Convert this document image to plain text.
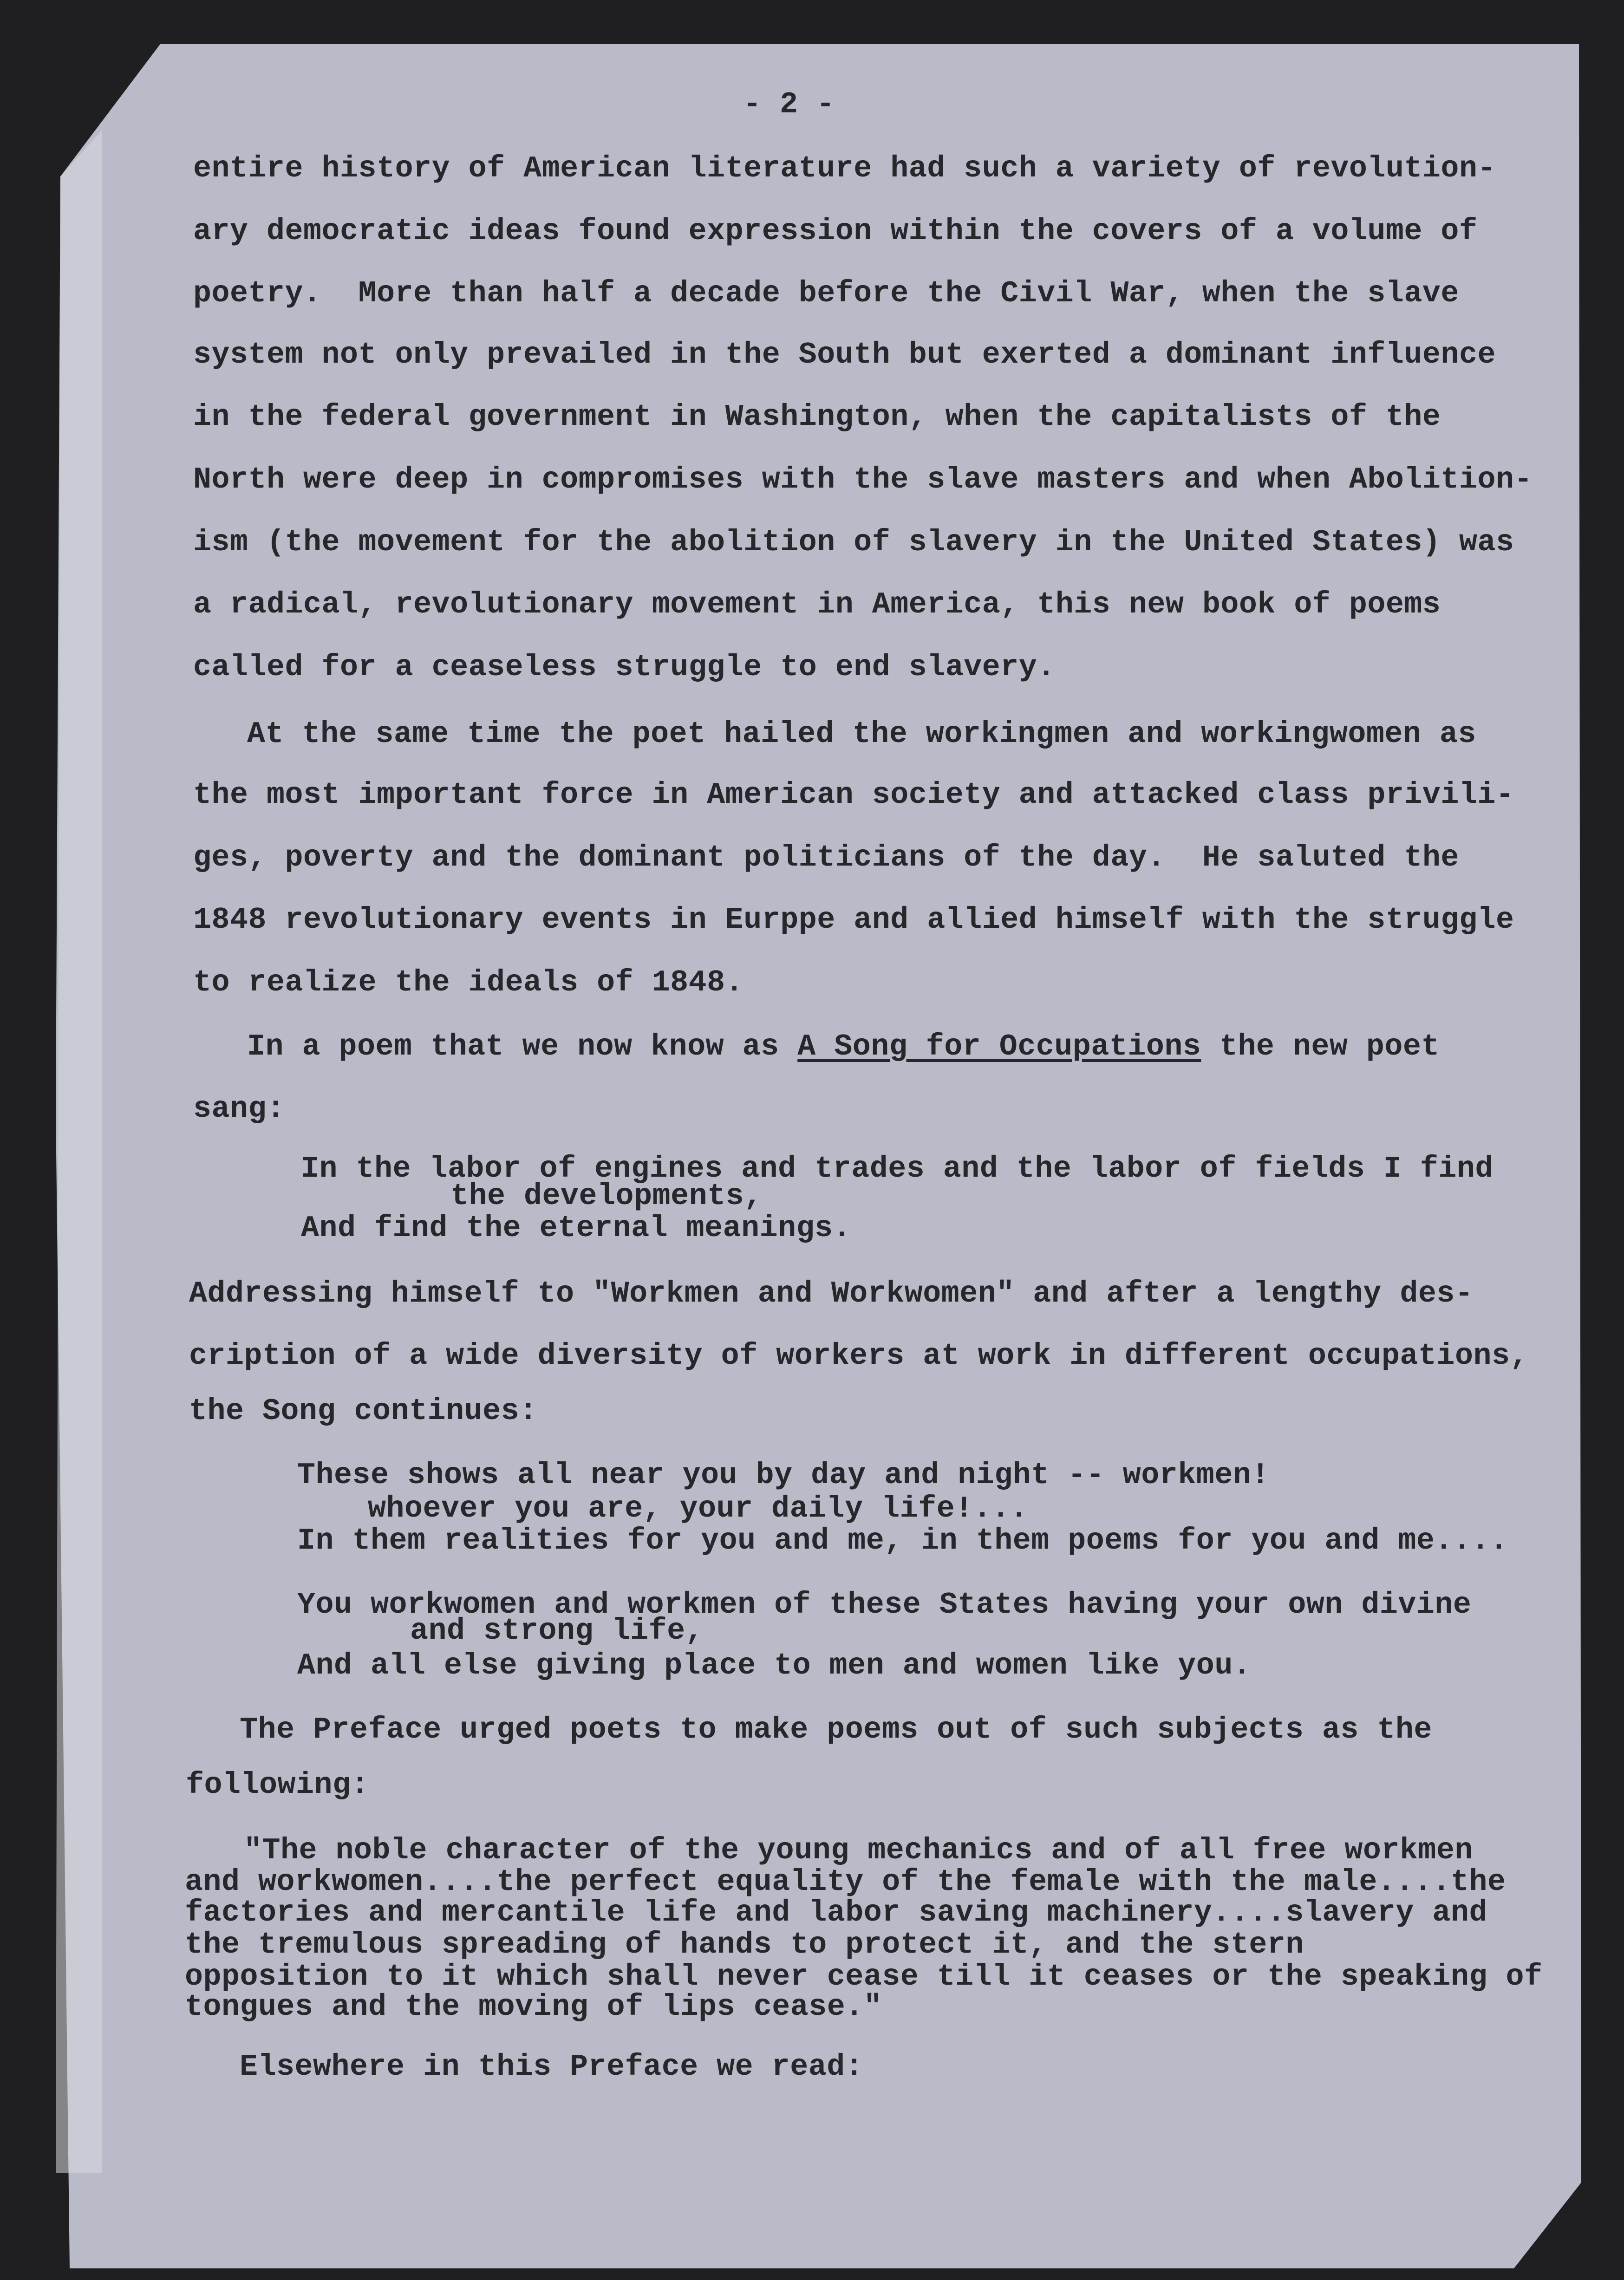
- 2 -
entire history of American literature had such a variety of revolution-
ary democratic ideas found expression within the covers of a volume of
poetry.  More than half a decade before the Civil War, when the slave
system not only prevailed in the South but exerted a dominant influence
in the federal government in Washington, when the capitalists of the
North were deep in compromises with the slave masters and when Abolition-
ism (the movement for the abolition of slavery in the United States) was
a radical, revolutionary movement in America, this new book of poems
called for a ceaseless struggle to end slavery.
At the same time the poet hailed the workingmen and workingwomen as
the most important force in American society and attacked class privili-
ges, poverty and the dominant politicians of the day.  He saluted the
1848 revolutionary events in Eurppe and allied himself with the struggle
to realize the ideals of 1848.
sang:
In the labor of engines and trades and the labor of fields I find
the developments,
And find the eternal meanings.
Addressing himself to "Workmen and Workwomen" and after a lengthy des-
cription of a wide diversity of workers at work in different occupations,
the Song continues:
These shows all near you by day and night -- workmen!
whoever you are, your daily life!...
In them realities for you and me, in them poems for you and me....
You workwomen and workmen of these States having your own divine
and strong life,
And all else giving place to men and women like you.
The Preface urged poets to make poems out of such subjects as the
following:
"The noble character of the young mechanics and of all free workmen
and workwomen....the perfect equality of the female with the male....the
factories and mercantile life and labor saving machinery....slavery and
the tremulous spreading of hands to protect it, and the stern
opposition to it which shall never cease till it ceases or the speaking of
tongues and the moving of lips cease."
Elsewhere in this Preface we read:
In a poem that we now know as A Song for Occupations the new poet
